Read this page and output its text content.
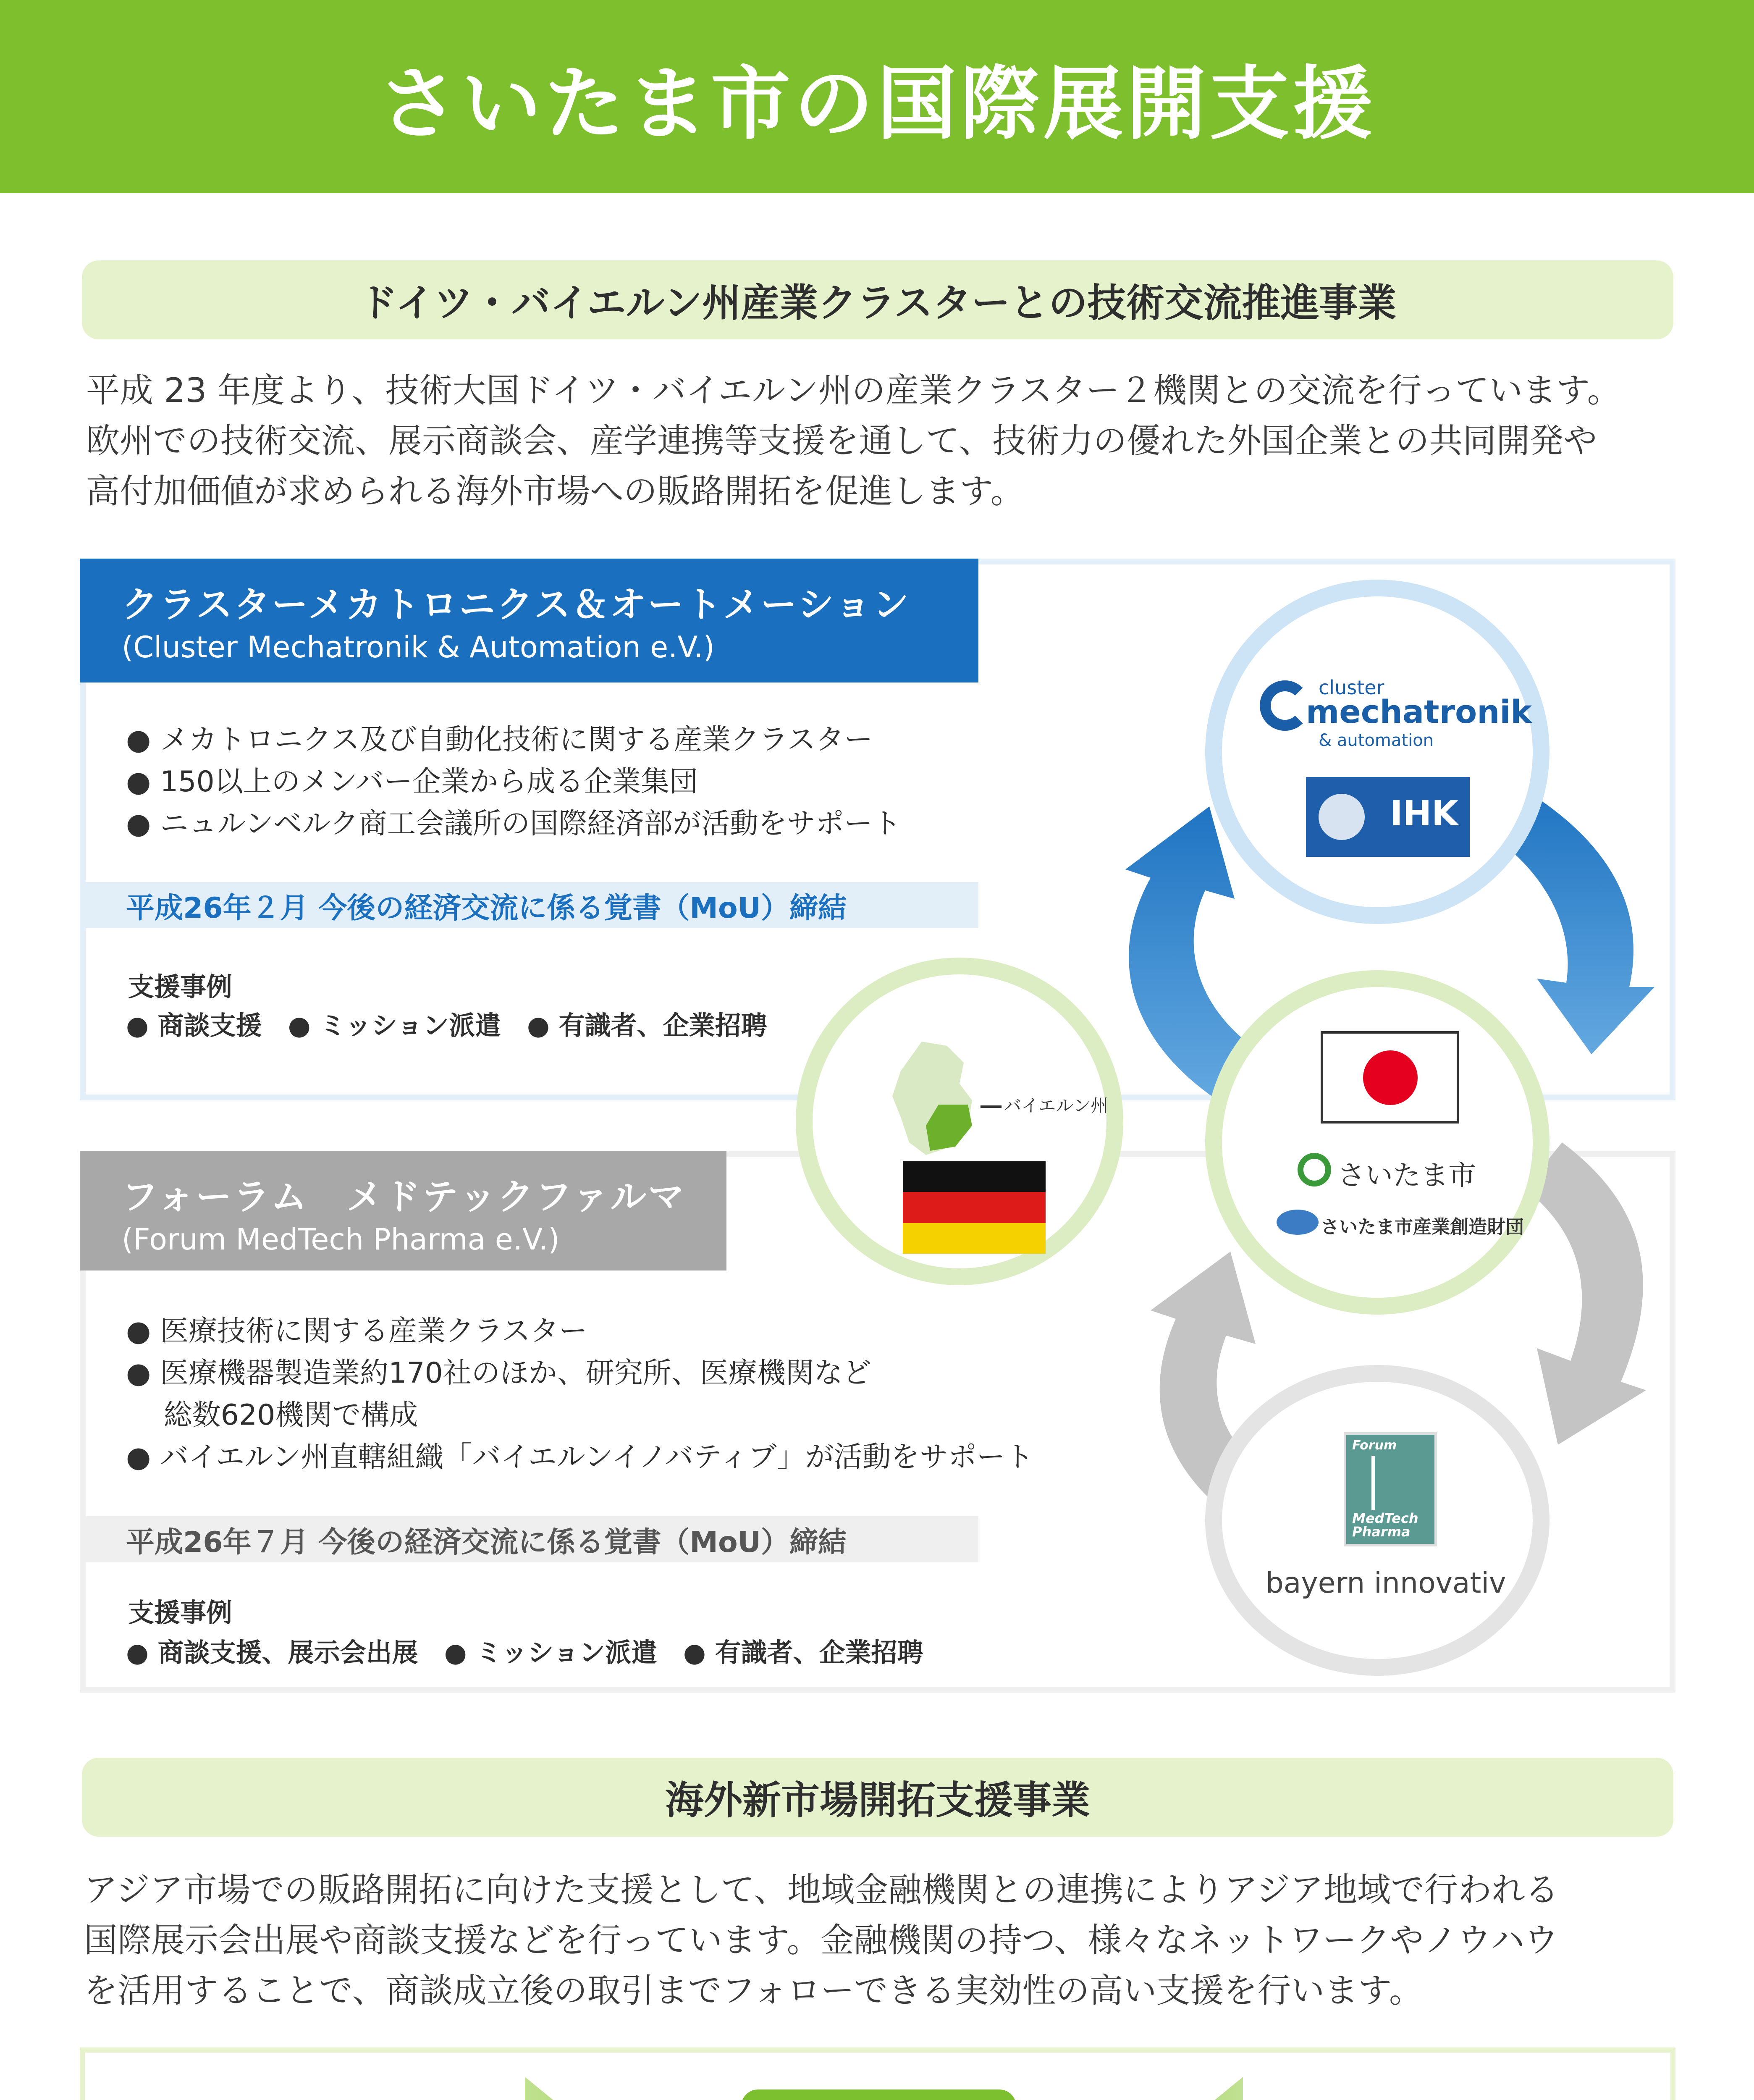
さいたま市の国際展開支援
ドイツ・バイエルン州産業クラスターとの技術交流推進事業
平成 23 年度より、技術大国ドイツ・バイエルン州の産業クラスター２機関との交流を行っています。
欧州での技術交流、展示商談会、産学連携等支援を通して、技術力の優れた外国企業との共同開発や
高付加価値が求められる海外市場への販路開拓を促進します。
クラスターメカトロニクス＆オートメーション
(Cluster Mechatronik & Automation e.V.)
● メカトロニクス及び自動化技術に関する産業クラスター
● 150以上のメンバー企業から成る企業集団
● ニュルンベルク商工会議所の国際経済部が活動をサポート
平成26年２月 今後の経済交流に係る覚書（MoU）締結
支援事例
● 商談支援　● ミッション派遣　● 有識者、企業招聘
フォーラム　メドテックファルマ
(Forum MedTech Pharma e.V.)
● 医療技術に関する産業クラスター
● 医療機器製造業約170社のほか、研究所、医療機関など
　 総数620機関で構成
● バイエルン州直轄組織「バイエルンイノバティブ」が活動をサポート
平成26年７月 今後の経済交流に係る覚書（MoU）締結
支援事例
● 商談支援、展示会出展　● ミッション派遣　● 有識者、企業招聘
cluster
mechatronik
& automation
IHK
バイエルン州
さいたま市
さいたま市産業創造財団
Forum
MedTech
Pharma
bayern innovativ
海外新市場開拓支援事業
アジア市場での販路開拓に向けた支援として、地域金融機関との連携によりアジア地域で行われる
国際展示会出展や商談支援などを行っています。金融機関の持つ、様々なネットワークやノウハウ
を活用することで、商談成立後の取引までフォローできる実効性の高い支援を行います。
